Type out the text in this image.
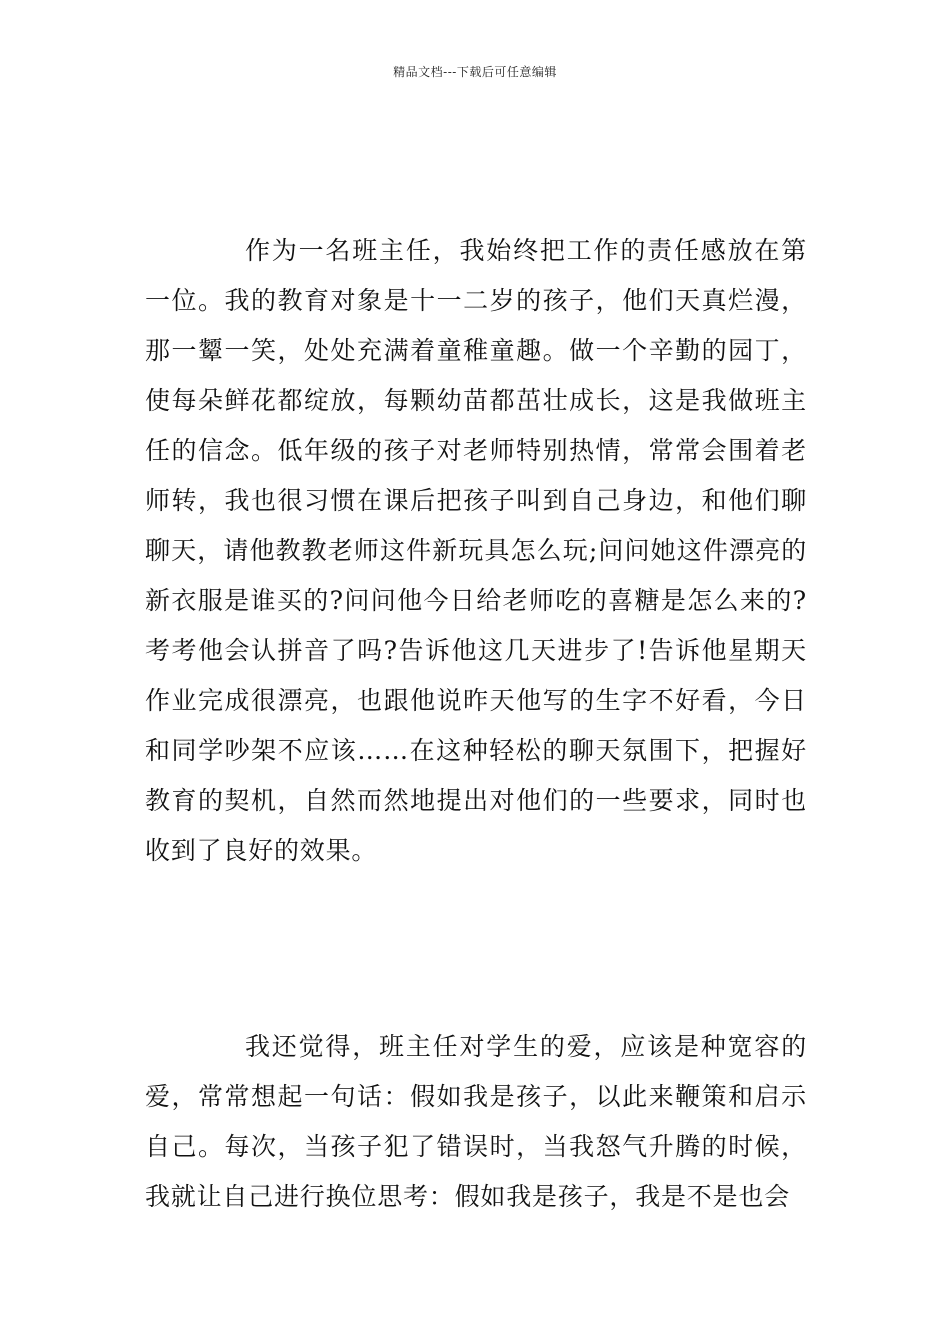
精品文档---下载后可任意编辑

作为一名班主任，我始终把工作的责任感放在第一位。我的教育对象是十一二岁的孩子，他们天真烂漫，那一颦一笑，处处充满着童稚童趣。做一个辛勤的园丁，使每朵鲜花都绽放，每颗幼苗都茁壮成长，这是我做班主任的信念。低年级的孩子对老师特别热情，常常会围着老师转，我也很习惯在课后把孩子叫到自己身边，和他们聊聊天，请他教教老师这件新玩具怎么玩;问问她这件漂亮的新衣服是谁买的?问问他今日给老师吃的喜糖是怎么来的?考考他会认拼音了吗?告诉他这几天进步了!告诉他星期天作业完成很漂亮，也跟他说昨天他写的生字不好看，今日和同学吵架不应该……在这种轻松的聊天氛围下，把握好教育的契机，自然而然地提出对他们的一些要求，同时也收到了良好的效果。

我还觉得，班主任对学生的爱，应该是种宽容的爱，常常想起一句话：假如我是孩子，以此来鞭策和启示自己。每次，当孩子犯了错误时，当我怒气升腾的时候，我就让自己进行换位思考：假如我是孩子，我是不是也会
